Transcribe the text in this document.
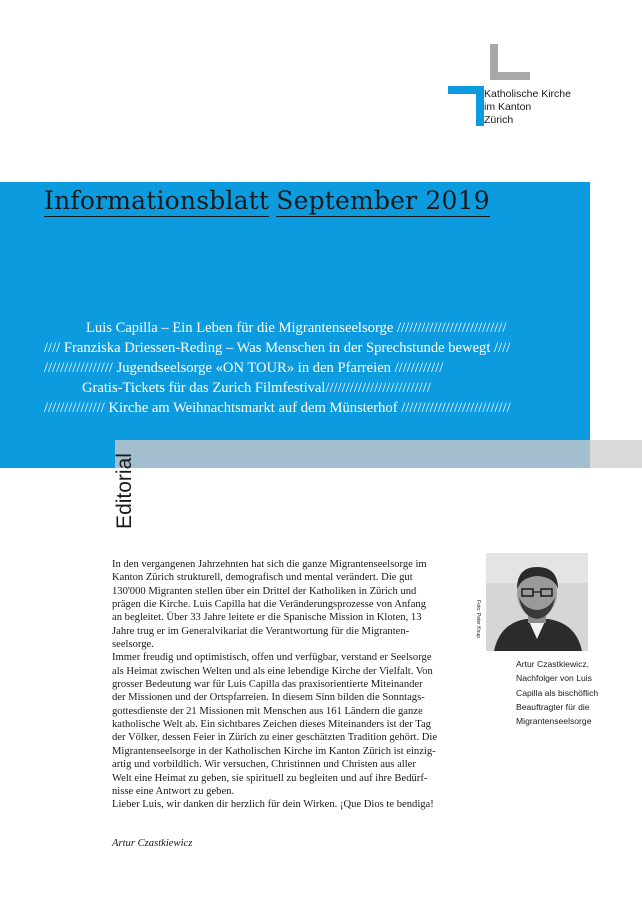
Katholische Kirche
im Kanton
Zürich
Informationsblatt September 2019
Luis Capilla – Ein Leben für die Migrantenseelsorge ///////////////////////////
//// Franziska Driessen-Reding – Was Menschen in der Sprechstunde bewegt ////
///////////////// Jugendseelsorge «ON TOUR» in den Pfarreien ////////////
Gratis-Tickets für das Zurich Filmfestival//////////////////////////
/////////////// Kirche am Weihnachtsmarkt auf dem Münsterhof ///////////////////////////
Editorial

In den vergangenen Jahrzehnten hat sich die ganze Migrantenseelsorge im

Kanton Zürich strukturell, demografisch und mental verändert. Die gut

130'000 Migranten stellen über ein Drittel der Katholiken in Zürich und

prägen die Kirche. Luis Capilla hat die Veränderungsprozesse von Anfang

an begleitet. Über 33 Jahre leitete er die Spanische Mission in Kloten, 13

Jahre trug er im Generalvikariat die Verantwortung für die Migranten-

seelsorge.

Immer freudig und optimistisch, offen und verfügbar, verstand er Seelsorge

als Heimat zwischen Welten und als eine lebendige Kirche der Vielfalt. Von

grosser Bedeutung war für Luis Capilla das praxisorientierte Miteinander

der Missionen und der Ortspfarreien. In diesem Sinn bilden die Sonntags-

gottesdienste der 21 Missionen mit Menschen aus 161 Ländern die ganze

katholische Welt ab. Ein sichtbares Zeichen dieses Miteinanders ist der Tag

der Völker, dessen Feier in Zürich zu einer geschätzten Tradition gehört. Die

Migrantenseelsorge in der Katholischen Kirche im Kanton Zürich ist einzig-

artig und vorbildlich. Wir versuchen, Christinnen und Christen aus aller

Welt eine Heimat zu geben, sie spirituell zu begleiten und auf ihre Bedürf-

nisse eine Antwort zu geben.

Lieber Luis, wir danken dir herzlich für dein Wirken. ¡Que Dios te bendiga!

Artur Czastkiewicz
Foto: Peter Knup
Artur Czastkiewicz,
Nachfolger von Luis
Capilla als bischöflich
Beauftragter für die
Migrantenseelsorge
